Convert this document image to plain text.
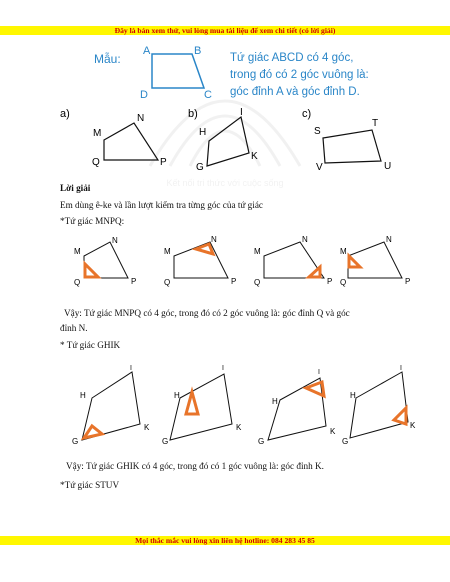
Đây là bản xem thử, vui lòng mua tài liệu để xem chi tiết (có lời giải)
Kết nối tri thức với cuộc sống
Mẫu:
A	B
C
D
Tứ giác ABCD có 4 góc,
trong đó có 2 góc vuông là:
góc đỉnh A và góc đỉnh D.
a)
M
N
P
Q
b)
H
I
K
G
c)
S
T
U
V
Lời giải
Em dùng ê-ke và lần lượt kiểm tra từng góc của tứ giác
*Tứ giác MNPQ:
M
N
P
Q
M
N
P
Q
M
N
P
Q
M
N
P
Q
Vậy: Tứ giác MNPQ có 4 góc, trong đó có 2 góc vuông là: góc đỉnh Q và góc
đỉnh N.
* Tứ giác GHIK
H
I
K
G
H
I
K
G
H
I
K
G
H
I
K
G
Vậy: Tứ giác GHIK có 4 góc, trong đó có 1 góc vuông là: góc đỉnh K.
*Tứ giác STUV
Mọi thắc mắc vui lòng xin liên hệ hotline: 084 283 45 85
